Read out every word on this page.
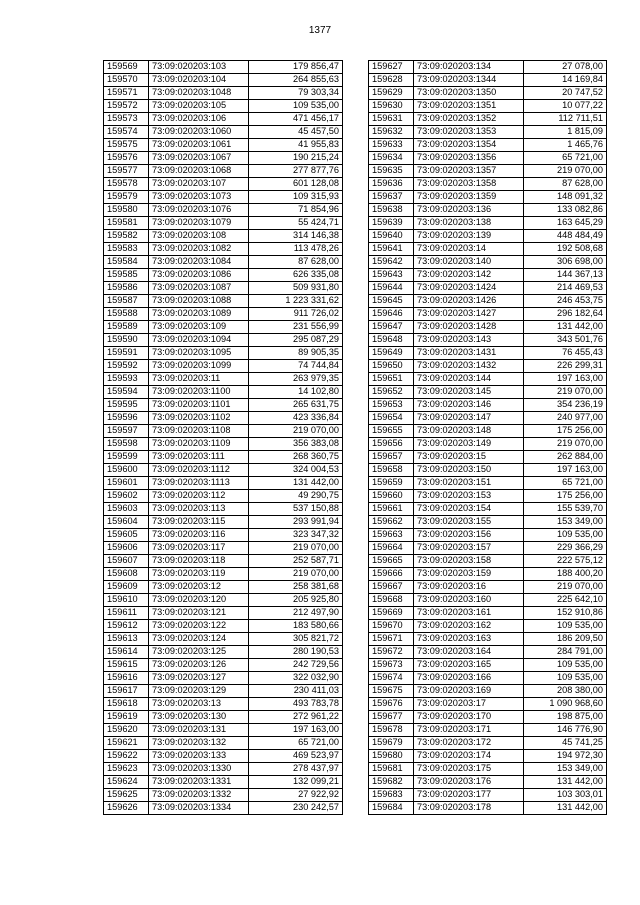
1377
159569	73:09:020203:103	179 856,47
159570	73:09:020203:104	264 855,63
159571	73:09:020203:1048	79 303,34
159572	73:09:020203:105	109 535,00
159573	73:09:020203:106	471 456,17
159574	73:09:020203:1060	45 457,50
159575	73:09:020203:1061	41 955,83
159576	73:09:020203:1067	190 215,24
159577	73:09:020203:1068	277 877,76
159578	73:09:020203:107	601 128,08
159579	73:09:020203:1073	109 315,93
159580	73:09:020203:1076	71 854,96
159581	73:09:020203:1079	55 424,71
159582	73:09:020203:108	314 146,38
159583	73:09:020203:1082	113 478,26
159584	73:09:020203:1084	87 628,00
159585	73:09:020203:1086	626 335,08
159586	73:09:020203:1087	509 931,80
159587	73:09:020203:1088	1 223 331,62
159588	73:09:020203:1089	911 726,02
159589	73:09:020203:109	231 556,99
159590	73:09:020203:1094	295 087,29
159591	73:09:020203:1095	89 905,35
159592	73:09:020203:1099	74 744,84
159593	73:09:020203:11	263 979,35
159594	73:09:020203:1100	14 102,80
159595	73:09:020203:1101	265 631,75
159596	73:09:020203:1102	423 336,84
159597	73:09:020203:1108	219 070,00
159598	73:09:020203:1109	356 383,08
159599	73:09:020203:111	268 360,75
159600	73:09:020203:1112	324 004,53
159601	73:09:020203:1113	131 442,00
159602	73:09:020203:112	49 290,75
159603	73:09:020203:113	537 150,88
159604	73:09:020203:115	293 991,94
159605	73:09:020203:116	323 347,32
159606	73:09:020203:117	219 070,00
159607	73:09:020203:118	252 587,71
159608	73:09:020203:119	219 070,00
159609	73:09:020203:12	258 381,68
159610	73:09:020203:120	205 925,80
159611	73:09:020203:121	212 497,90
159612	73:09:020203:122	183 580,66
159613	73:09:020203:124	305 821,72
159614	73:09:020203:125	280 190,53
159615	73:09:020203:126	242 729,56
159616	73:09:020203:127	322 032,90
159617	73:09:020203:129	230 411,03
159618	73:09:020203:13	493 783,78
159619	73:09:020203:130	272 961,22
159620	73:09:020203:131	197 163,00
159621	73:09:020203:132	65 721,00
159622	73:09:020203:133	469 523,97
159623	73:09:020203:1330	278 437,97
159624	73:09:020203:1331	132 099,21
159625	73:09:020203:1332	27 922,92
159626	73:09:020203:1334	230 242,57
159627	73:09:020203:134	27 078,00
159628	73:09:020203:1344	14 169,84
159629	73:09:020203:1350	20 747,52
159630	73:09:020203:1351	10 077,22
159631	73:09:020203:1352	112 711,51
159632	73:09:020203:1353	1 815,09
159633	73:09:020203:1354	1 465,76
159634	73:09:020203:1356	65 721,00
159635	73:09:020203:1357	219 070,00
159636	73:09:020203:1358	87 628,00
159637	73:09:020203:1359	148 091,32
159638	73:09:020203:136	133 082,86
159639	73:09:020203:138	163 645,29
159640	73:09:020203:139	448 484,49
159641	73:09:020203:14	192 508,68
159642	73:09:020203:140	306 698,00
159643	73:09:020203:142	144 367,13
159644	73:09:020203:1424	214 469,53
159645	73:09:020203:1426	246 453,75
159646	73:09:020203:1427	296 182,64
159647	73:09:020203:1428	131 442,00
159648	73:09:020203:143	343 501,76
159649	73:09:020203:1431	76 455,43
159650	73:09:020203:1432	226 299,31
159651	73:09:020203:144	197 163,00
159652	73:09:020203:145	219 070,00
159653	73:09:020203:146	354 236,19
159654	73:09:020203:147	240 977,00
159655	73:09:020203:148	175 256,00
159656	73:09:020203:149	219 070,00
159657	73:09:020203:15	262 884,00
159658	73:09:020203:150	197 163,00
159659	73:09:020203:151	65 721,00
159660	73:09:020203:153	175 256,00
159661	73:09:020203:154	155 539,70
159662	73:09:020203:155	153 349,00
159663	73:09:020203:156	109 535,00
159664	73:09:020203:157	229 366,29
159665	73:09:020203:158	222 575,12
159666	73:09:020203:159	188 400,20
159667	73:09:020203:16	219 070,00
159668	73:09:020203:160	225 642,10
159669	73:09:020203:161	152 910,86
159670	73:09:020203:162	109 535,00
159671	73:09:020203:163	186 209,50
159672	73:09:020203:164	284 791,00
159673	73:09:020203:165	109 535,00
159674	73:09:020203:166	109 535,00
159675	73:09:020203:169	208 380,00
159676	73:09:020203:17	1 090 968,60
159677	73:09:020203:170	198 875,00
159678	73:09:020203:171	146 776,90
159679	73:09:020203:172	45 741,25
159680	73:09:020203:174	194 972,30
159681	73:09:020203:175	153 349,00
159682	73:09:020203:176	131 442,00
159683	73:09:020203:177	103 303,01
159684	73:09:020203:178	131 442,00
